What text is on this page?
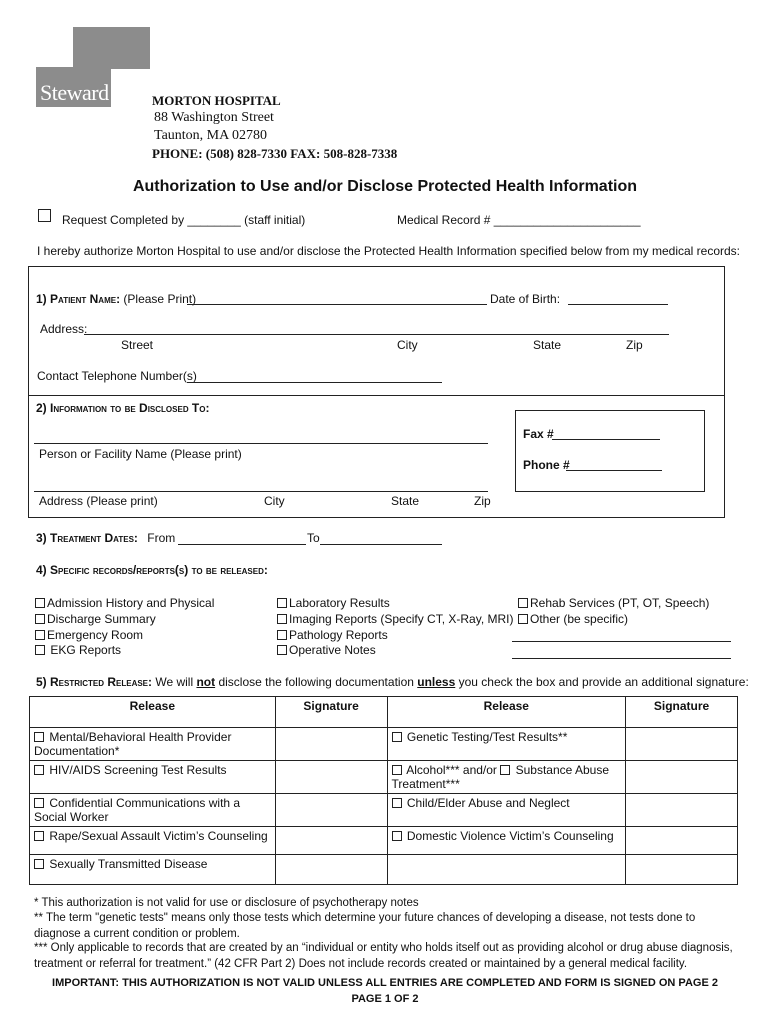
Steward	MORTON HOSPITAL
88 Washington Street
Taunton, MA 02780
PHONE: (508) 828-7330 FAX: 508-828-7338
Authorization to Use and/or Disclose Protected Health Information
Request Completed by ________ (staff initial)	Medical Record # ______________________
I hereby authorize Morton Hospital to use and/or disclose the Protected Health Information specified below from my medical records:
1) Patient Name: (Please Print)	Date of Birth:
Address:
Street	City	State	Zip
Contact Telephone Number(s)
2) Information to be Disclosed To:
Person or Facility Name (Please print)
Address (Please print)	City	State	Zip
Fax #
Phone #
3) Treatment Dates: From	To
4) Specific records/reports(s) to be released:
Admission History and Physical
Discharge Summary
Emergency Room
EKG Reports
Laboratory Results
Imaging Reports (Specify CT, X-Ray, MRI)
Pathology Reports
Operative Notes
Rehab Services (PT, OT, Speech)
Other (be specific)
5) Restricted Release: We will not disclose the following documentation unless you check the box and provide an additional signature:
Release	Signature	Release	Signature
Mental/Behavioral Health Provider Documentation*		Genetic Testing/Test Results**	
HIV/AIDS Screening Test Results		Alcohol*** and/or Substance Abuse Treatment***	
Confidential Communications with a Social Worker		Child/Elder Abuse and Neglect	
Rape/Sexual Assault Victim’s Counseling		Domestic Violence Victim’s Counseling	
Sexually Transmitted Disease			
* This authorization is not valid for use or disclosure of psychotherapy notes
** The term "genetic tests" means only those tests which determine your future chances of developing a disease, not tests done to diagnose a current condition or problem.
*** Only applicable to records that are created by an “individual or entity who holds itself out as providing alcohol or drug abuse diagnosis, treatment or referral for treatment.” (42 CFR Part 2) Does not include records created or maintained by a general medical facility.
IMPORTANT: THIS AUTHORIZATION IS NOT VALID UNLESS ALL ENTRIES ARE COMPLETED AND FORM IS SIGNED ON PAGE 2
PAGE 1 OF 2
